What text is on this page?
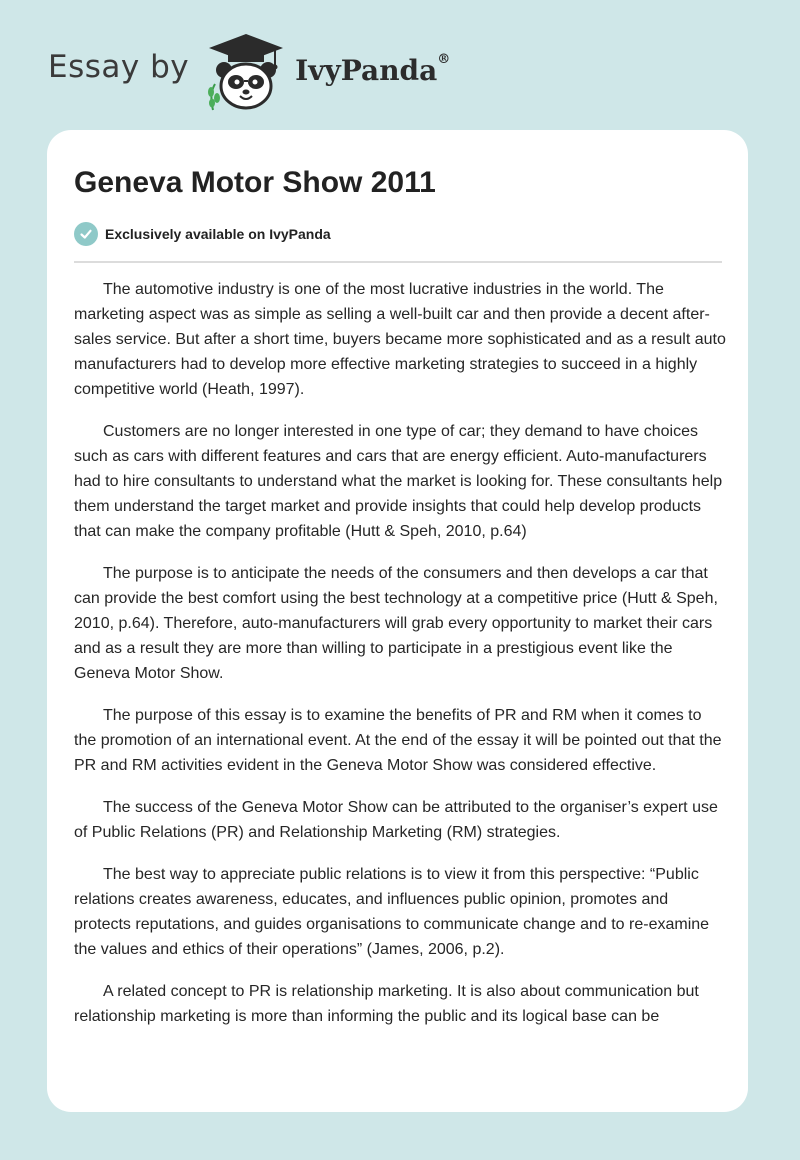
Essay by	IvyPanda®
Geneva Motor Show 2011
Exclusively available on IvyPanda

The automotive industry is one of the most lucrative industries in the world. The marketing aspect was as simple as selling a well-built car and then provide a decent after-sales service. But after a short time, buyers became more sophisticated and as a result auto manufacturers had to develop more effective marketing strategies to succeed in a highly competitive world (Heath, 1997).

Customers are no longer interested in one type of car; they demand to have choices such as cars with different features and cars that are energy efficient. Auto-manufacturers had to hire consultants to understand what the market is looking for. These consultants help them understand the target market and provide insights that could help develop products that can make the company profitable (Hutt & Speh, 2010, p.64)

The purpose is to anticipate the needs of the consumers and then develops a car that can provide the best comfort using the best technology at a competitive price (Hutt & Speh, 2010, p.64). Therefore, auto-manufacturers will grab every opportunity to market their cars and as a result they are more than willing to participate in a prestigious event like the Geneva Motor Show.

The purpose of this essay is to examine the benefits of PR and RM when it comes to the promotion of an international event. At the end of the essay it will be pointed out that the PR and RM activities evident in the Geneva Motor Show was considered effective.

The success of the Geneva Motor Show can be attributed to the organiser’s expert use of Public Relations (PR) and Relationship Marketing (RM) strategies.

The best way to appreciate public relations is to view it from this perspective: “Public relations creates awareness, educates, and influences public opinion, promotes and protects reputations, and guides organisations to communicate change and to re-examine the values and ethics of their operations” (James, 2006, p.2).

A related concept to PR is relationship marketing. It is also about communication but relationship marketing is more than informing the public and its logical base can be
